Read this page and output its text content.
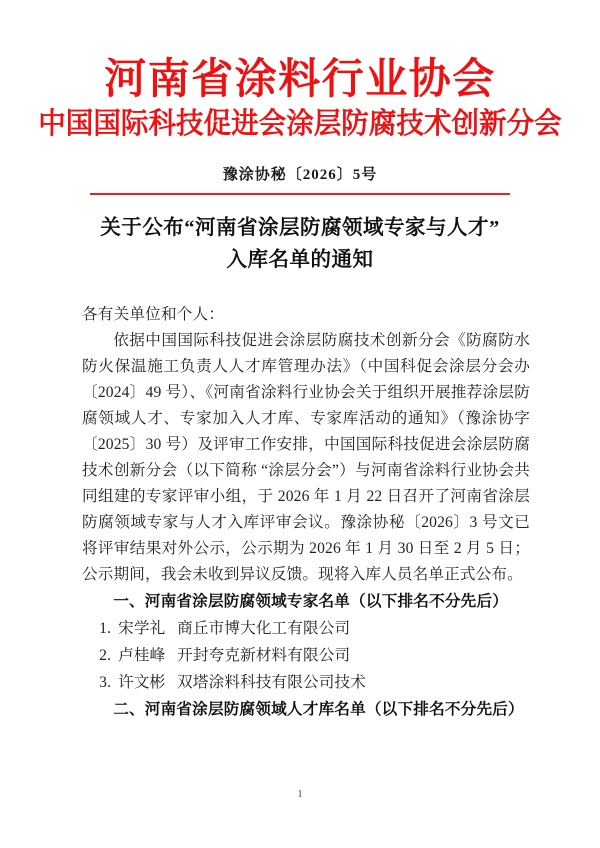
河南省涂料行业协会
中国国际科技促进会涂层防腐技术创新分会
豫涂协秘〔2026〕5号
关于公布“河南省涂层防腐领域专家与人才”
入库名单的通知
各有关单位和个人：
依据中国国际科技促进会涂层防腐技术创新分会《防腐防水防火保温施工负责人人才库管理办法》（中国科促会涂层分会办〔2024〕49 号）、《河南省涂料行业协会关于组织开展推荐涂层防腐领域人才、专家加入人才库、专家库活动的通知》（豫涂协字〔2025〕30 号）及评审工作安排，中国国际科技促进会涂层防腐技术创新分会（以下简称 “涂层分会”）与河南省涂料行业协会共同组建的专家评审小组，于 2026 年 1 月 22 日召开了河南省涂层防腐领域专家与人才入库评审会议。豫涂协秘〔2026〕3 号文已将评审结果对外公示，公示期为 2026 年 1 月 30 日至 2 月 5 日；公示期间，我会未收到异议反馈。现将入库人员名单正式公布。
一、河南省涂层防腐领域专家名单（以下排名不分先后）
1. 宋学礼 商丘市博大化工有限公司
2. 卢桂峰 开封夸克新材料有限公司
3. 许文彬 双塔涂料科技有限公司技术
二、河南省涂层防腐领域人才库名单（以下排名不分先后）
1
